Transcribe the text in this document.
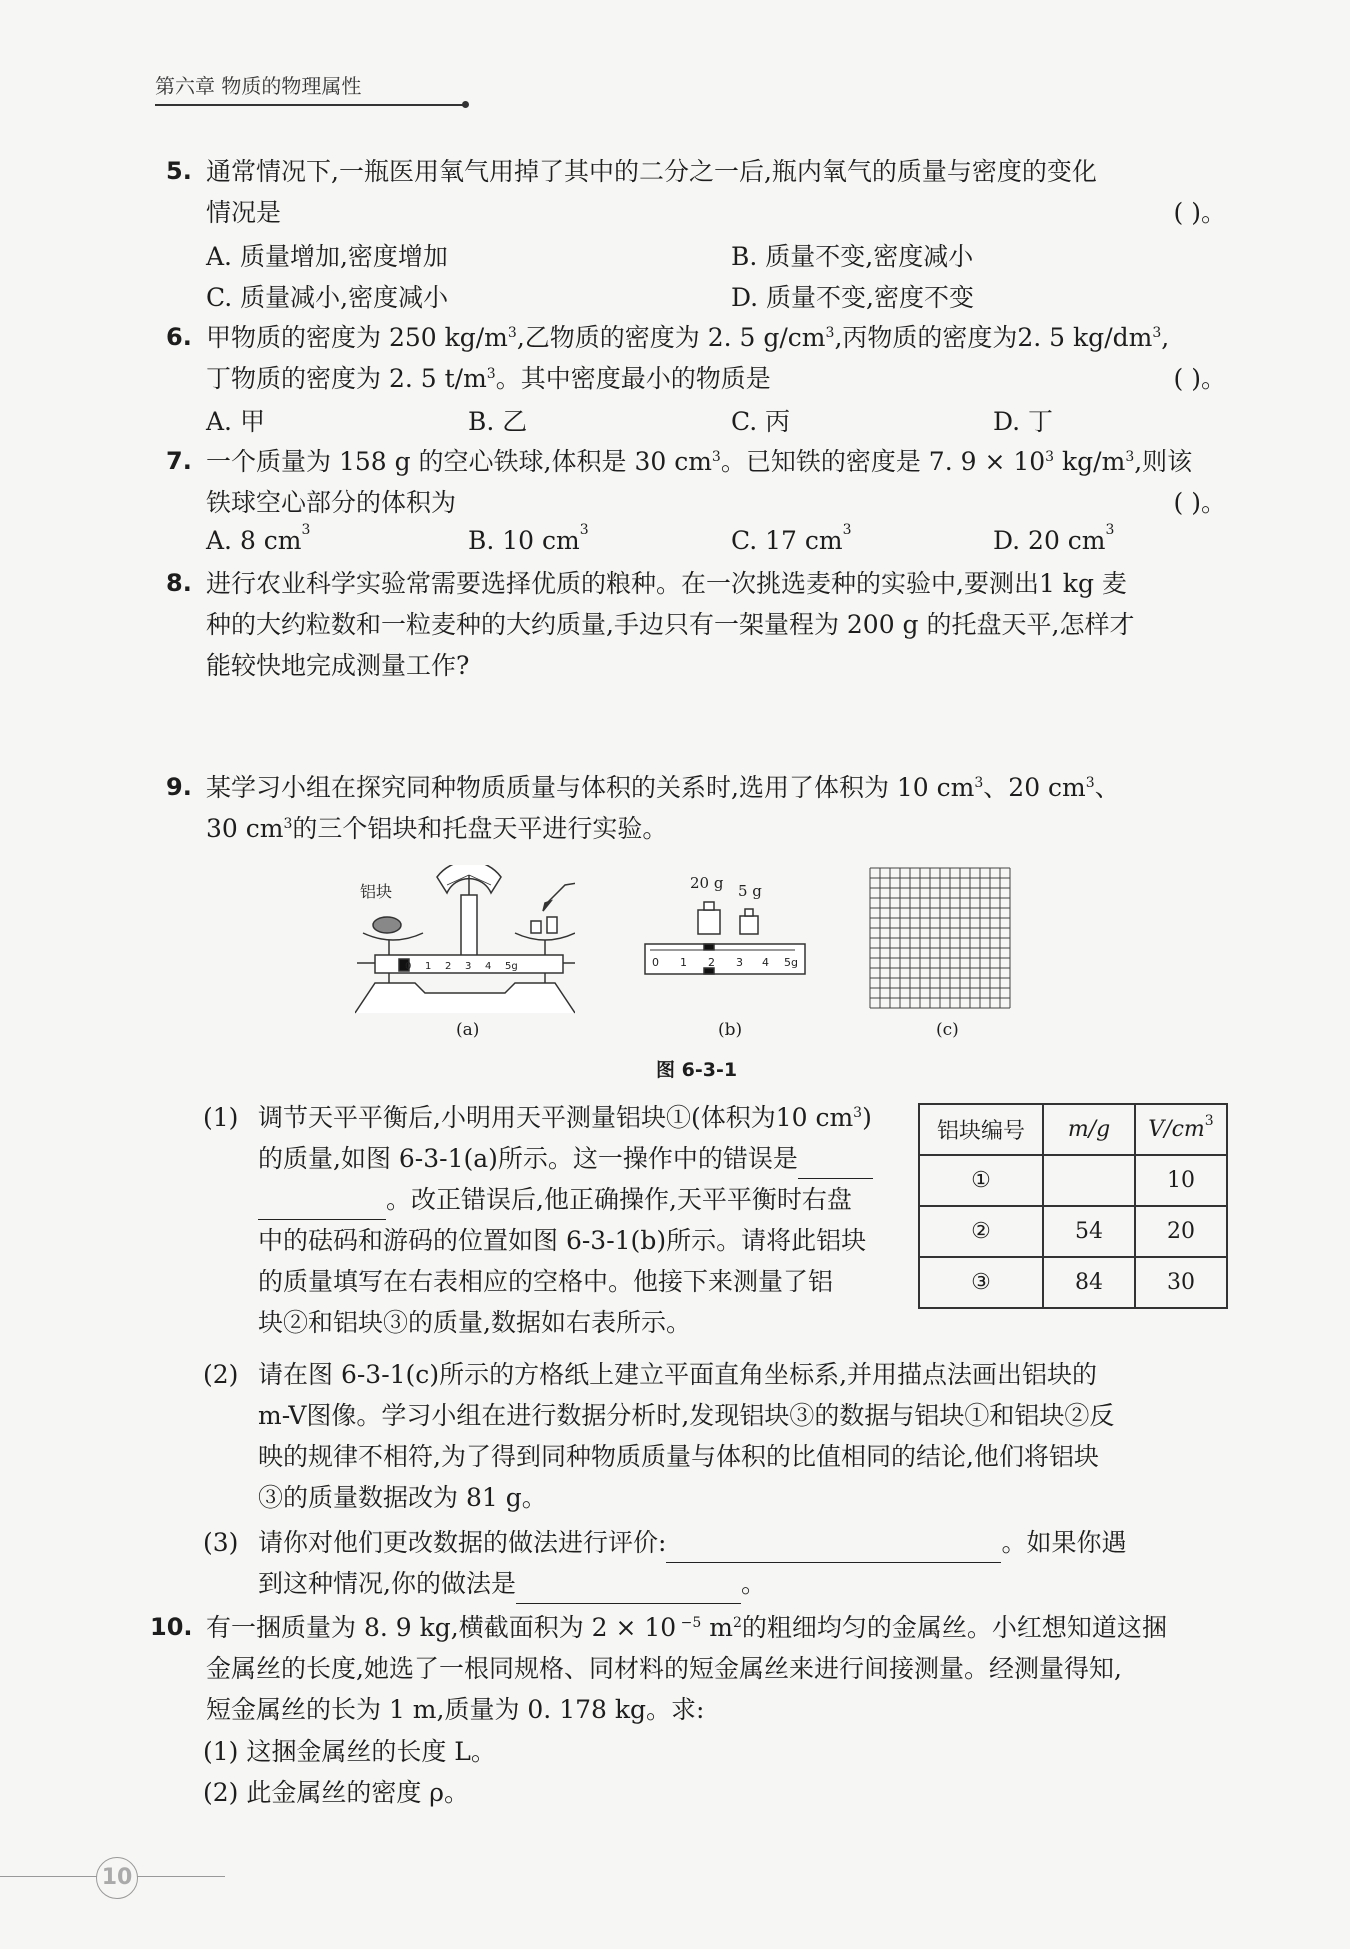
第六章 物质的物理属性
5. 通常情况下,一瓶医用氧气用掉了其中的二分之一后,瓶内氧气的质量与密度的变化
情况是	( )。
A. 质量增加,密度增加	B. 质量不变,密度减小
C. 质量减小,密度减小	D. 质量不变,密度不变
6. 甲物质的密度为 250 $kg/m^3$,乙物质的密度为 2. 5 $g/cm^3$,丙物质的密度为2. 5 $kg/dm^3$,
丁物质的密度为 2. 5 $t/m^3$。其中密度最小的物质是	( )。
A. 甲	B. 乙	C. 丙	D. 丁
7. 一个质量为 158 g 的空心铁球,体积是 30 $cm^3$。已知铁的密度是 7. $9 \times 10^3$ $kg/m^3$,则该
铁球空心部分的体积为	( )。
A. 8 $cm^3$	B. 10 $cm^3$	C. 17 $cm^3$	D. 20 $cm^3$
8. 进行农业科学实验常需要选择优质的粮种。在一次挑选麦种的实验中,要测出1 kg 麦
种的大约粒数和一粒麦种的大约质量,手边只有一架量程为 200 g 的托盘天平,怎样才
能较快地完成测量工作?
9. 某学习小组在探究同种物质质量与体积的关系时,选用了体积为 10 $cm^3$、20 $cm^3$、
30 $cm^3$的三个铝块和托盘天平进行实验。
铝块
0 1 2 3 4 5g
20 g 5 g
0 1 2 3 4 5g
(a)	(b)	(c)
图 6-3-1
(1) 调节天平平衡后,小明用天平测量铝块①(体积为10 $cm^3$)
的质量,如图 6-3-1(a)所示。这一操作中的错误是
。改正错误后,他正确操作,天平平衡时右盘
中的砝码和游码的位置如图 6-3-1(b)所示。请将此铝块
的质量填写在右表相应的空格中。他接下来测量了铝
块②和铝块③的质量,数据如右表所示。
铝块编号	m/g	$V/cm^3$
①		10
②	54	20
③	84	30
(2) 请在图 6-3-1(c)所示的方格纸上建立平面直角坐标系,并用描点法画出铝块的
m-V图像。学习小组在进行数据分析时,发现铝块③的数据与铝块①和铝块②反
映的规律不相符,为了得到同种物质质量与体积的比值相同的结论,他们将铝块
③的质量数据改为 81 g。
(3) 请你对他们更改数据的做法进行评价:	。如果你遇
到这种情况,你的做法是	。
10. 有一捆质量为 8. 9 kg,横截面积为 2 × 10 $^{-5}$ $m^2$的粗细均匀的金属丝。小红想知道这捆
金属丝的长度,她选了一根同规格、同材料的短金属丝来进行间接测量。经测量得知,
短金属丝的长为 1 m,质量为 0. 178 kg。求:
(1) 这捆金属丝的长度 L。
(2) 此金属丝的密度 ρ。
10
